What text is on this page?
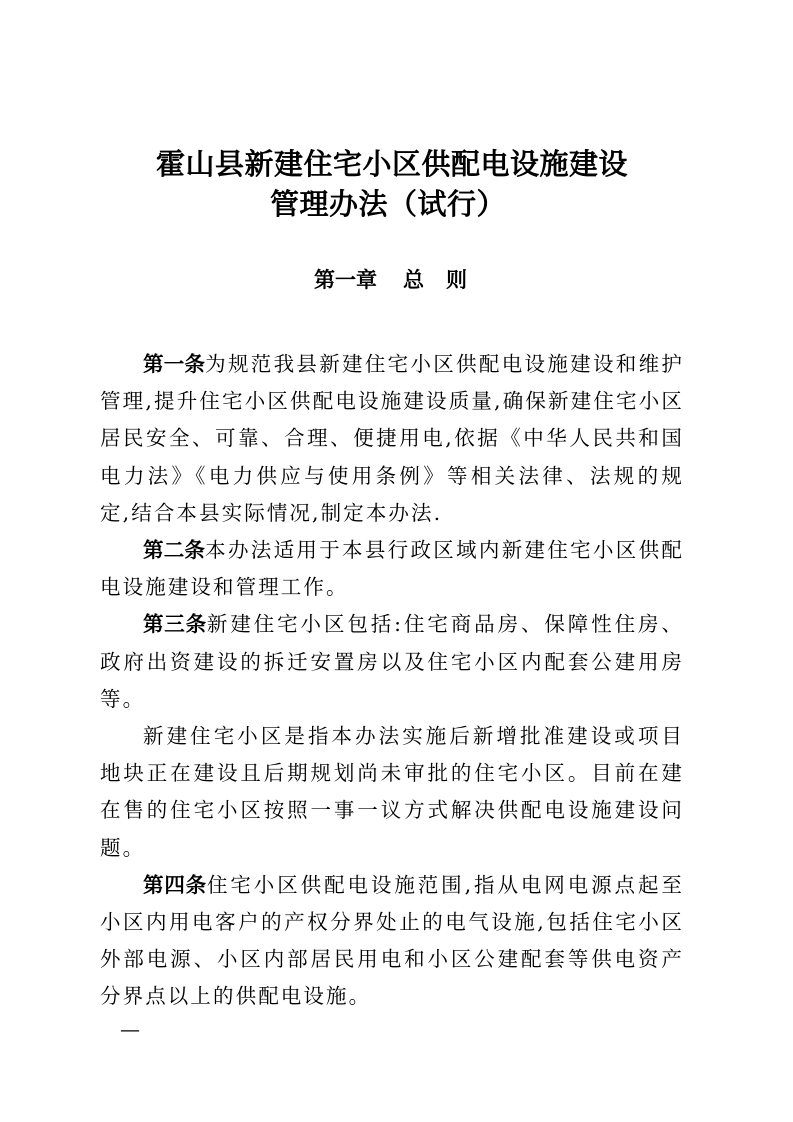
霍山县新建住宅小区供配电设施建设
管理办法（试行）
第一章 总 则

第一条为规范我县新建住宅小区供配电设施建设和维护管理,提升住宅小区供配电设施建设质量,确保新建住宅小区居民安全、可靠、合理、便捷用电,依据《中华人民共和国电力法》《电力供应与使用条例》等相关法律、法规的规定,结合本县实际情况,制定本办法.

第二条本办法适用于本县行政区域内新建住宅小区供配电设施建设和管理工作。

第三条新建住宅小区包括:住宅商品房、保障性住房、政府出资建设的拆迁安置房以及住宅小区内配套公建用房等。

新建住宅小区是指本办法实施后新增批准建设或项目地块正在建设且后期规划尚未审批的住宅小区。目前在建在售的住宅小区按照一事一议方式解决供配电设施建设问题。

第四条住宅小区供配电设施范围,指从电网电源点起至小区内用电客户的产权分界处止的电气设施,包括住宅小区外部电源、小区内部居民用电和小区公建配套等供电资产分界点以上的供配电设施。

—
